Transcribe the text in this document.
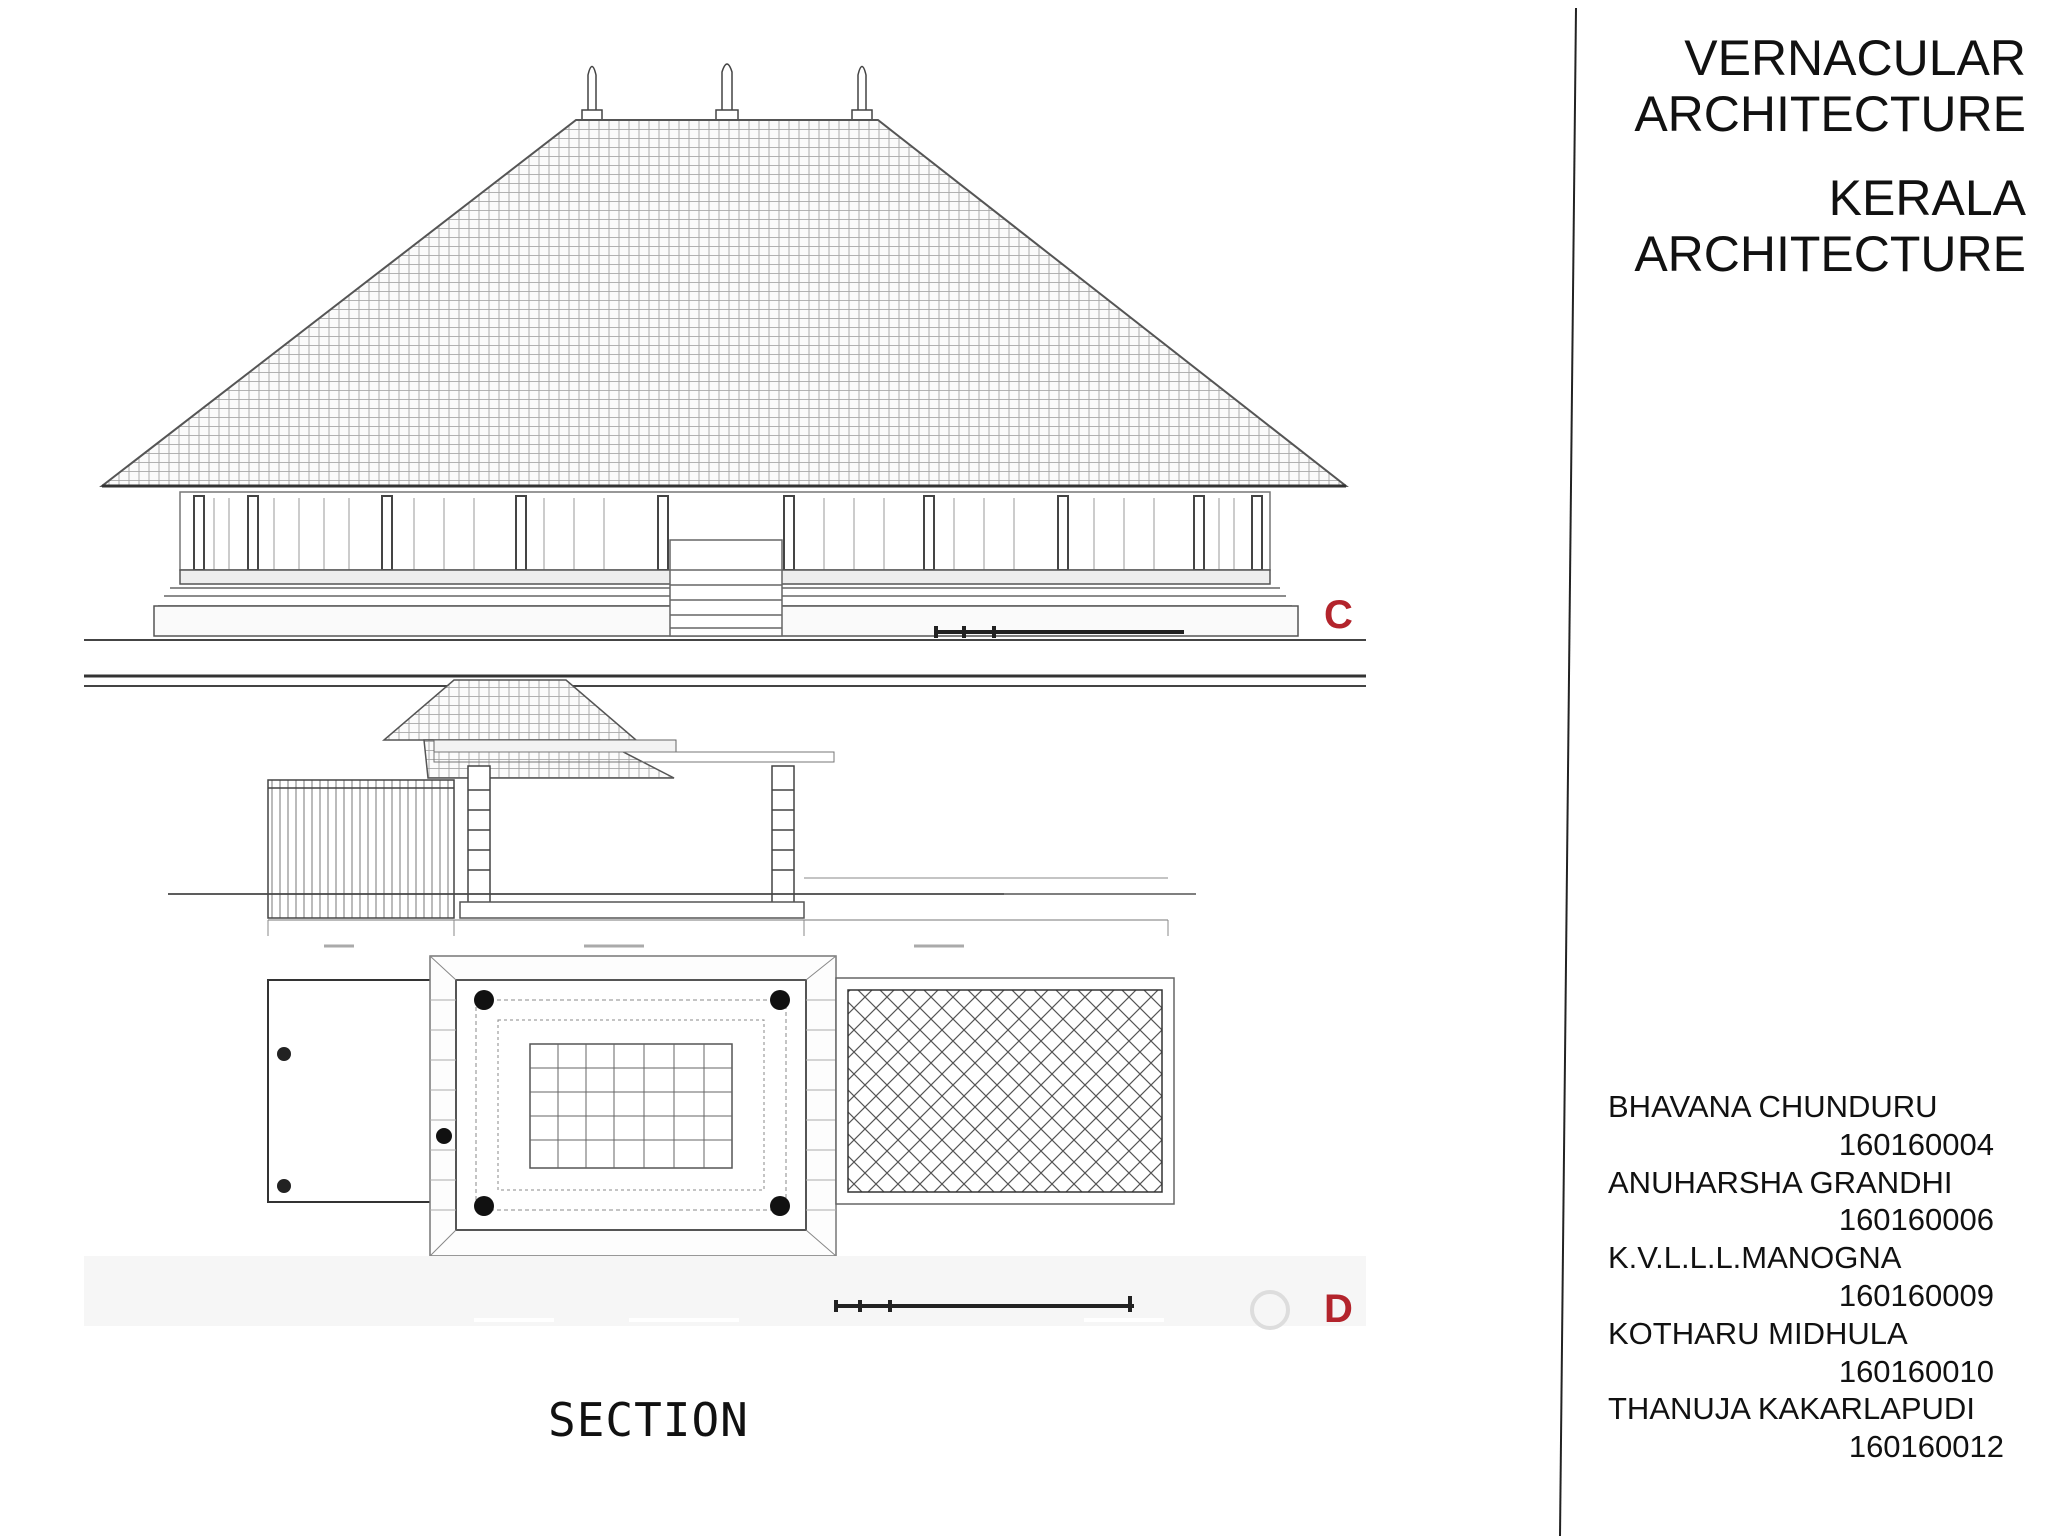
C
D
VERNACULAR
ARCHITECTURE
KERALA
ARCHITECTURE
SECTION
BHAVANA CHUNDURU
160160004
ANUHARSHA GRANDHI
160160006
K.V.L.L.L.MANOGNA
160160009
KOTHARU MIDHULA
160160010
THANUJA KAKARLAPUDI
160160012
